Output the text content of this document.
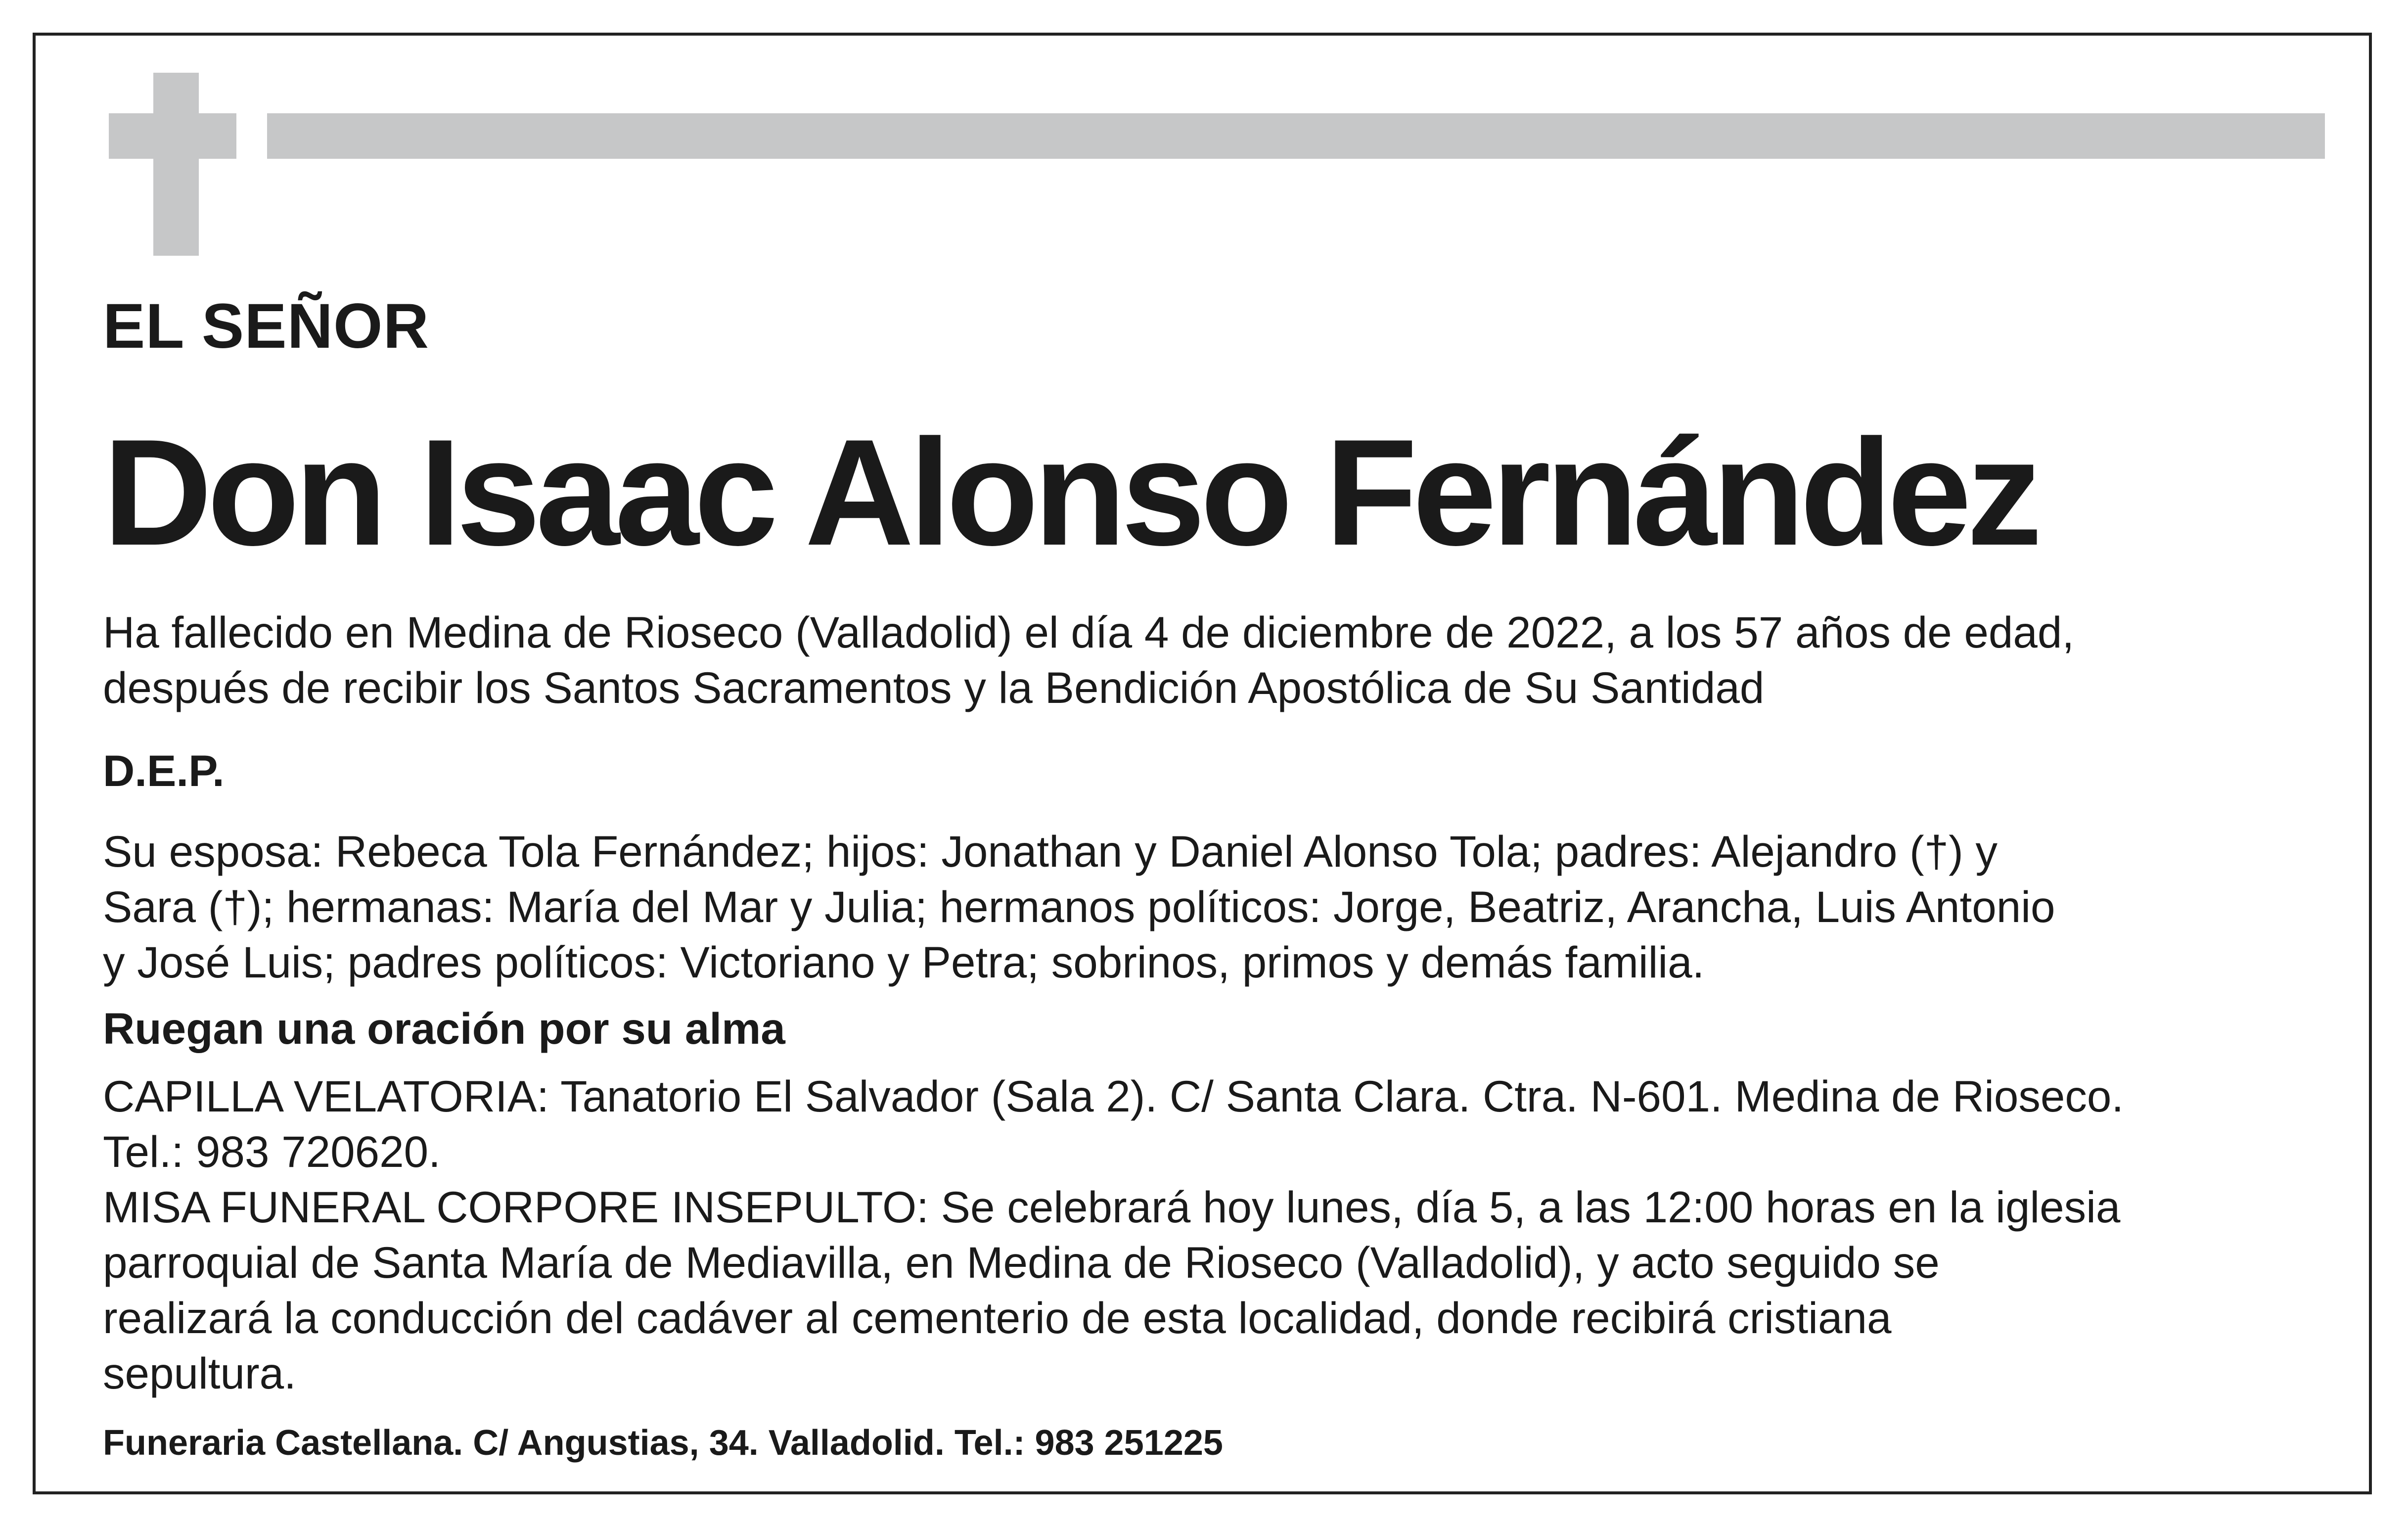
EL SEÑOR

Don Isaac Alonso Fernández
Ha fallecido en Medina de Rioseco (Valladolid) el día 4 de diciembre de 2022, a los 57 años de edad,
después de recibir los Santos Sacramentos y la Bendición Apostólica de Su Santidad

D.E.P.

Su esposa: Rebeca Tola Fernández; hijos: Jonathan y Daniel Alonso Tola; padres: Alejandro (†) y
Sara (†); hermanas: María del Mar y Julia; hermanos políticos: Jorge, Beatriz, Arancha, Luis Antonio
y José Luis; padres políticos: Victoriano y Petra; sobrinos, primos y demás familia.

Ruegan una oración por su alma

CAPILLA VELATORIA: Tanatorio El Salvador (Sala 2). C/ Santa Clara. Ctra. N-601. Medina de Rioseco.
Tel.: 983 720620.
MISA FUNERAL CORPORE INSEPULTO: Se celebrará hoy lunes, día 5, a las 12:00 horas en la iglesia
parroquial de Santa María de Mediavilla, en Medina de Rioseco (Valladolid), y acto seguido se
realizará la conducción del cadáver al cementerio de esta localidad, donde recibirá cristiana
sepultura.

Funeraria Castellana. C/ Angustias, 34. Valladolid. Tel.: 983 251225
